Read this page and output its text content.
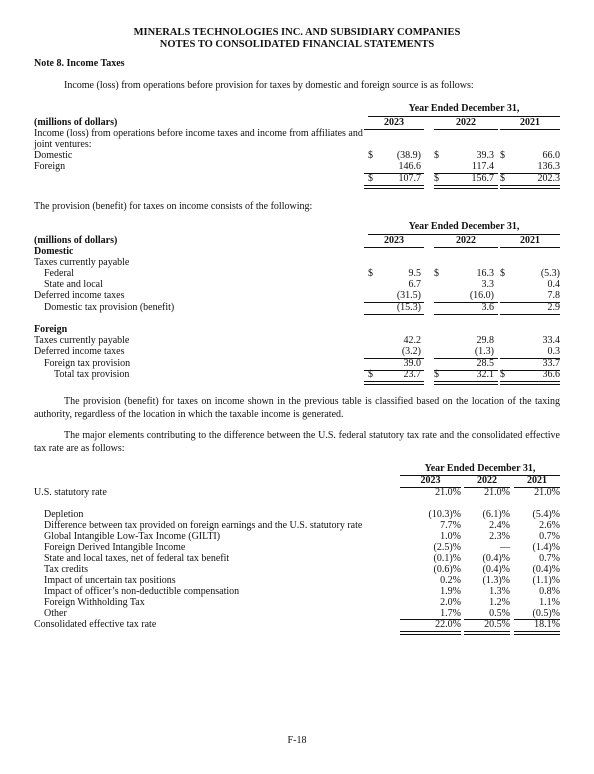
MINERALS TECHNOLOGIES INC. AND SUBSIDIARY COMPANIES
NOTES TO CONSOLIDATED FINANCIAL STATEMENTS
Note 8. Income Taxes
Income (loss) from operations before provision for taxes by domestic and foreign source is as follows:
Year Ended December 31,
2023	2022	2021
(millions of dollars)
Income (loss) from operations before income taxes and income from affiliates and
joint ventures:
Domestic	$	(38.9) $	39.3 $	66.0
Foreign	146.6	117.4	136.3
$	107.7 $	156.7 $	202.3
The provision (benefit) for taxes on income consists of the following:
Year Ended December 31,
2023	2022	2021
(millions of dollars)
Domestic
Taxes currently payable
Federal	$	9.5 $	16.3 $	(5.3)
State and local	6.7	3.3	0.4
Deferred income taxes	(31.5)	(16.0)	7.8
Domestic tax provision (benefit)	(15.3)	3.6	2.9
Foreign
Taxes currently payable	42.2	29.8	33.4
Deferred income taxes	(3.2)	(1.3)	0.3
Foreign tax provision	39.0	28.5	33.7
Total tax provision	$	23.7 $	32.1 $	36.6
The provision (benefit) for taxes on income shown in the previous table is classified based on the location of the taxing authority, regardless of the location in which the taxable income is generated.
The major elements contributing to the difference between the U.S. federal statutory tax rate and the consolidated effective tax rate are as follows:
Year Ended December 31,
2023	2022	2021
U.S. statutory rate	21.0%	21.0%	21.0%
Depletion	(10.3)%	(6.1)%	(5.4)%
Difference between tax provided on foreign earnings and the U.S. statutory rate	7.7%	2.4%	2.6%
Global Intangible Low-Tax Income (GILTI)	1.0%	2.3%	0.7%
Foreign Derived Intangible Income	(2.5)%	—	(1.4)%
State and local taxes, net of federal tax benefit	(0.1)%	(0.4)%	0.7%
Tax credits	(0.6)%	(0.4)%	(0.4)%
Impact of uncertain tax positions	0.2%	(1.3)%	(1.1)%
Impact of officer’s non-deductible compensation	1.9%	1.3%	0.8%
Foreign Withholding Tax	2.0%	1.2%	1.1%
Other	1.7%	0.5%	(0.5)%
Consolidated effective tax rate	22.0%	20.5%	18.1%
F-18
